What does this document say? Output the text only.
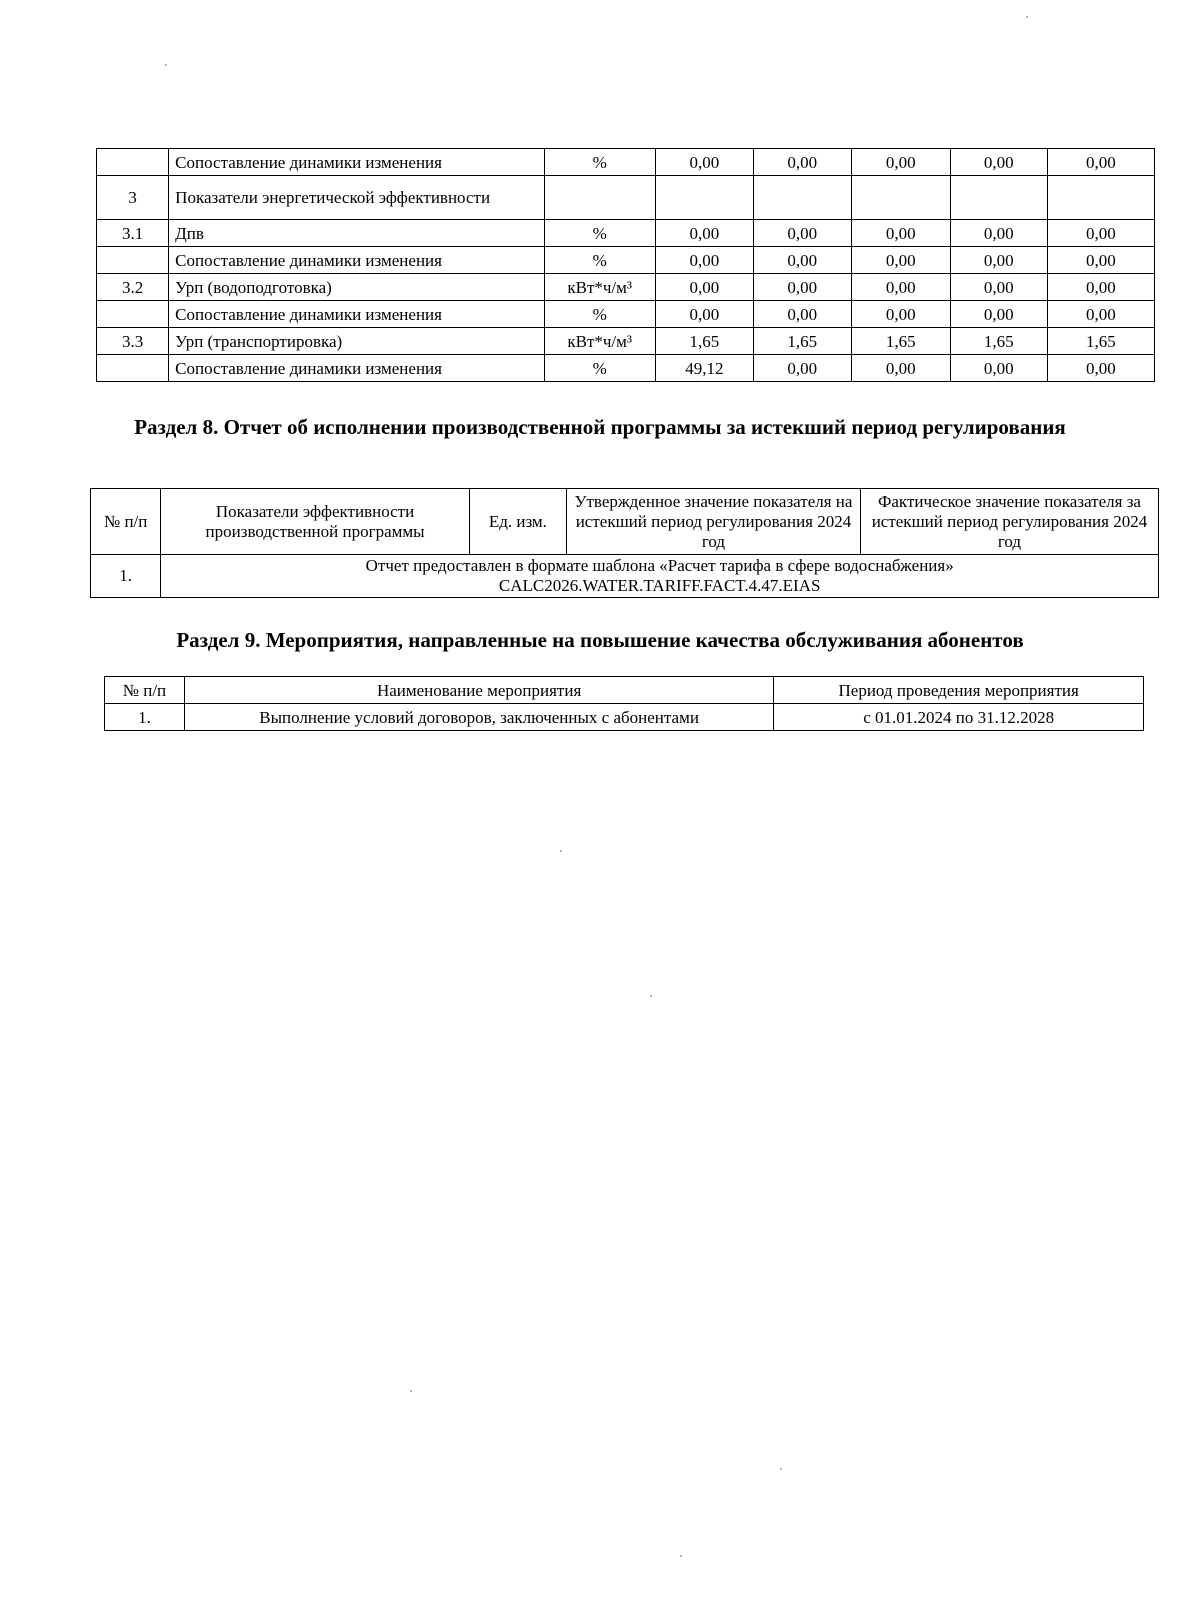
	Сопоставление динамики изменения	%	0,00	0,00	0,00	0,00	0,00
3	Показатели энергетической эффективности						
3.1	Дпв	%	0,00	0,00	0,00	0,00	0,00
	Сопоставление динамики изменения	%	0,00	0,00	0,00	0,00	0,00
3.2	Урп (водоподготовка)	кВт*ч/м³	0,00	0,00	0,00	0,00	0,00
	Сопоставление динамики изменения	%	0,00	0,00	0,00	0,00	0,00
3.3	Урп (транспортировка)	кВт*ч/м³	1,65	1,65	1,65	1,65	1,65
	Сопоставление динамики изменения	%	49,12	0,00	0,00	0,00	0,00
Раздел 8. Отчет об исполнении производственной программы за истекший период регулирования
№ п/п	Показатели эффективности производственной программы	Ед. изм.	Утвержденное значение показателя на истекший период регулирования 2024 год	Фактическое значение показателя за истекший период регулирования 2024 год
1.	Отчет предоставлен в формате шаблона «Расчет тарифа в сфере водоснабжения»
CALC2026.WATER.TARIFF.FACT.4.47.EIAS			
Раздел 9. Мероприятия, направленные на повышение качества обслуживания абонентов
№ п/п	Наименование мероприятия	Период проведения мероприятия
1.	Выполнение условий договоров, заключенных с абонентами	с 01.01.2024 по 31.12.2028
